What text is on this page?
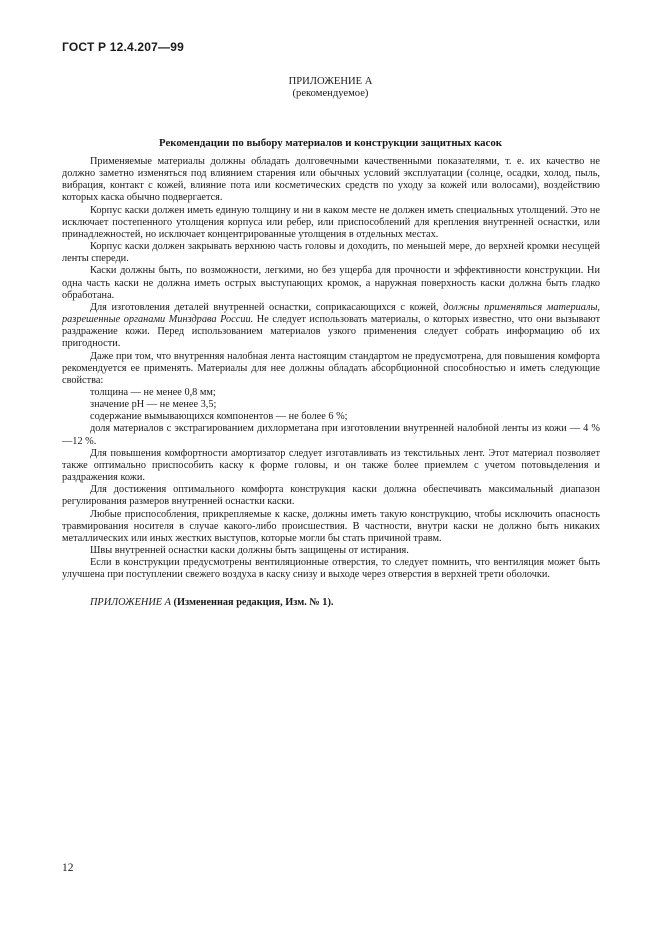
ГОСТ Р 12.4.207—99
ПРИЛОЖЕНИЕ А
(рекомендуемое)
Рекомендации по выбору материалов и конструкции защитных касок

Применяемые материалы должны обладать долговечными качественными показателями, т. е. их качество не должно заметно изменяться под влиянием старения или обычных условий эксплуатации (солнце, осадки, холод, пыль, вибрация, контакт с кожей, влияние пота или косметических средств по уходу за кожей или волосами), воздействию которых каска обычно подвергается.

Корпус каски должен иметь единую толщину и ни в каком месте не должен иметь специальных утолщений. Это не исключает постепенного утолщения корпуса или ребер, или приспособлений для крепления внутренней оснастки, или принадлежностей, но исключает концентрированные утолщения в отдельных местах.

Корпус каски должен закрывать верхнюю часть головы и доходить, по меньшей мере, до верхней кромки несущей ленты спереди.

Каски должны быть, по возможности, легкими, но без ущерба для прочности и эффективности конструкции. Ни одна часть каски не должна иметь острых выступающих кромок, а наружная поверхность каски должна быть гладко обработана.

Для изготовления деталей внутренней оснастки, соприкасающихся с кожей, должны применяться материалы, разрешенные органами Минздрава России. Не следует использовать материалы, о которых известно, что они вызывают раздражение кожи. Перед использованием материалов узкого применения следует собрать информацию об их пригодности.

Даже при том, что внутренняя налобная лента настоящим стандартом не предусмотрена, для повышения комфорта рекомендуется ее применять. Материалы для нее должны обладать абсорбционной способностью и иметь следующие свойства:

толщина — не менее 0,8 мм;

значение рН — не менее 3,5;

содержание вымывающихся компонентов — не более 6 %;

доля материалов с экстрагированием дихлорметана при изготовлении внутренней налобной ленты из кожи — 4 %—12 %.

Для повышения комфортности амортизатор следует изготавливать из текстильных лент. Этот материал позволяет также оптимально приспособить каску к форме головы, и он также более приемлем с учетом потовыделения и раздражения кожи.

Для достижения оптимального комфорта конструкция каски должна обеспечивать максимальный диапазон регулирования размеров внутренней оснастки каски.

Любые приспособления, прикрепляемые к каске, должны иметь такую конструкцию, чтобы исключить опасность травмирования носителя в случае какого-либо происшествия. В частности, внутри каски не должно быть никаких металлических или иных жестких выступов, которые могли бы стать причиной травм.

Швы внутренней оснастки каски должны быть защищены от истирания.

Если в конструкции предусмотрены вентиляционные отверстия, то следует помнить, что вентиляция может быть улучшена при поступлении свежего воздуха в каску снизу и выходе через отверстия в верхней трети оболочки.

ПРИЛОЖЕНИЕ А (Измененная редакция, Изм. № 1).

12
